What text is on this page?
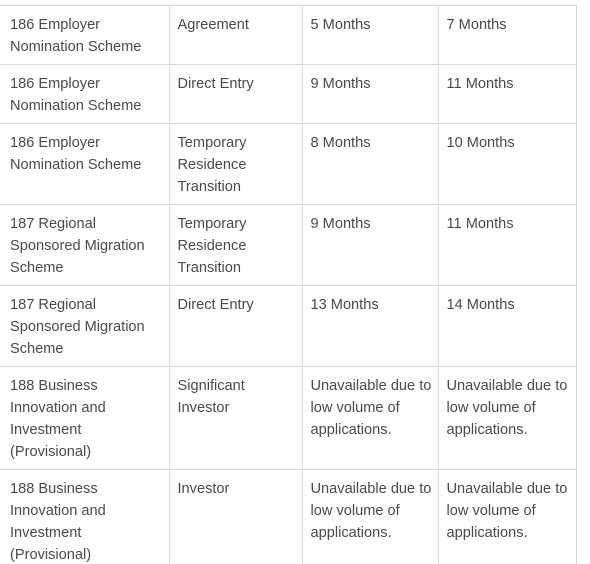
186 Employer Nomination Scheme	Agreement	5 Months	7 Months
186 Employer Nomination Scheme	Direct Entry	9 Months	11 Months
186 Employer Nomination Scheme	Temporary Residence Transition	8 Months	10 Months
187 Regional Sponsored Migration Scheme	Temporary Residence Transition	9 Months	11 Months
187 Regional Sponsored Migration Scheme	Direct Entry	13 Months	14 Months
188 Business Innovation and Investment (Provisional)	Significant Investor	Unavailable due to low volume of applications.	Unavailable due to low volume of applications.
188 Business Innovation and Investment (Provisional)	Investor	Unavailable due to low volume of applications.	Unavailable due to low volume of applications.
